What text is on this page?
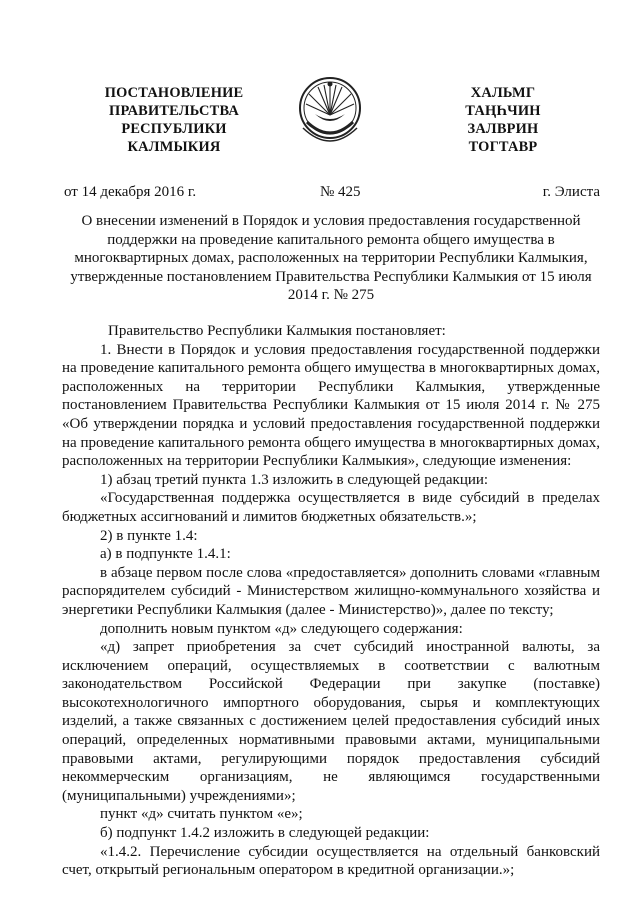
ПОСТАНОВЛЕНИЕ
ПРАВИТЕЛЬСТВА
РЕСПУБЛИКИ
КАЛМЫКИЯ
ХАЛЬМГ
ТАҢҺЧИН
ЗАЛВРИН
ТОГТАВР
от 14 декабря 2016 г.	№ 425	г. Элиста
О внесении изменений в Порядок и условия предоставления государственной поддержки на проведение капитального ремонта общего имущества в многоквартирных домах, расположенных на территории Республики Калмыкия, утвержденные постановлением Правительства Республики Калмыкия от 15 июля 2014 г. № 275

Правительство Республики Калмыкия постановляет:

1. Внести в Порядок и условия предоставления государственной поддержки на проведение капитального ремонта общего имущества в многоквартирных домах, расположенных на территории Республики Калмыкия, утвержденные постановлением Правительства Республики Калмыкия от 15 июля 2014 г. № 275 «Об утверждении порядка и условий предоставления государственной поддержки на проведение капитального ремонта общего имущества в многоквартирных домах, расположенных на территории Республики Калмыкия», следующие изменения:

1) абзац третий пункта 1.3 изложить в следующей редакции:

«Государственная поддержка осуществляется в виде субсидий в пределах бюджетных ассигнований и лимитов бюджетных обязательств.»;

2) в пункте 1.4:

а) в подпункте 1.4.1:

в абзаце первом после слова «предоставляется» дополнить словами «главным распорядителем субсидий - Министерством жилищно-коммунального хозяйства и энергетики Республики Калмыкия (далее - Министерство)», далее по тексту;

дополнить новым пунктом «д» следующего содержания:

«д) запрет приобретения за счет субсидий иностранной валюты, за исключением операций, осуществляемых в соответствии с валютным законодательством Российской Федерации при закупке (поставке) высокотехнологичного импортного оборудования, сырья и комплектующих изделий, а также связанных с достижением целей предоставления субсидий иных операций, определенных нормативными правовыми актами, муниципальными правовыми актами, регулирующими порядок предоставления субсидий некоммерческим организациям, не являющимся государственными (муниципальными) учреждениями»;

пункт «д» считать пунктом «е»;

б) подпункт 1.4.2 изложить в следующей редакции:

«1.4.2. Перечисление субсидии осуществляется на отдельный банковский счет, открытый региональным оператором в кредитной организации.»;
